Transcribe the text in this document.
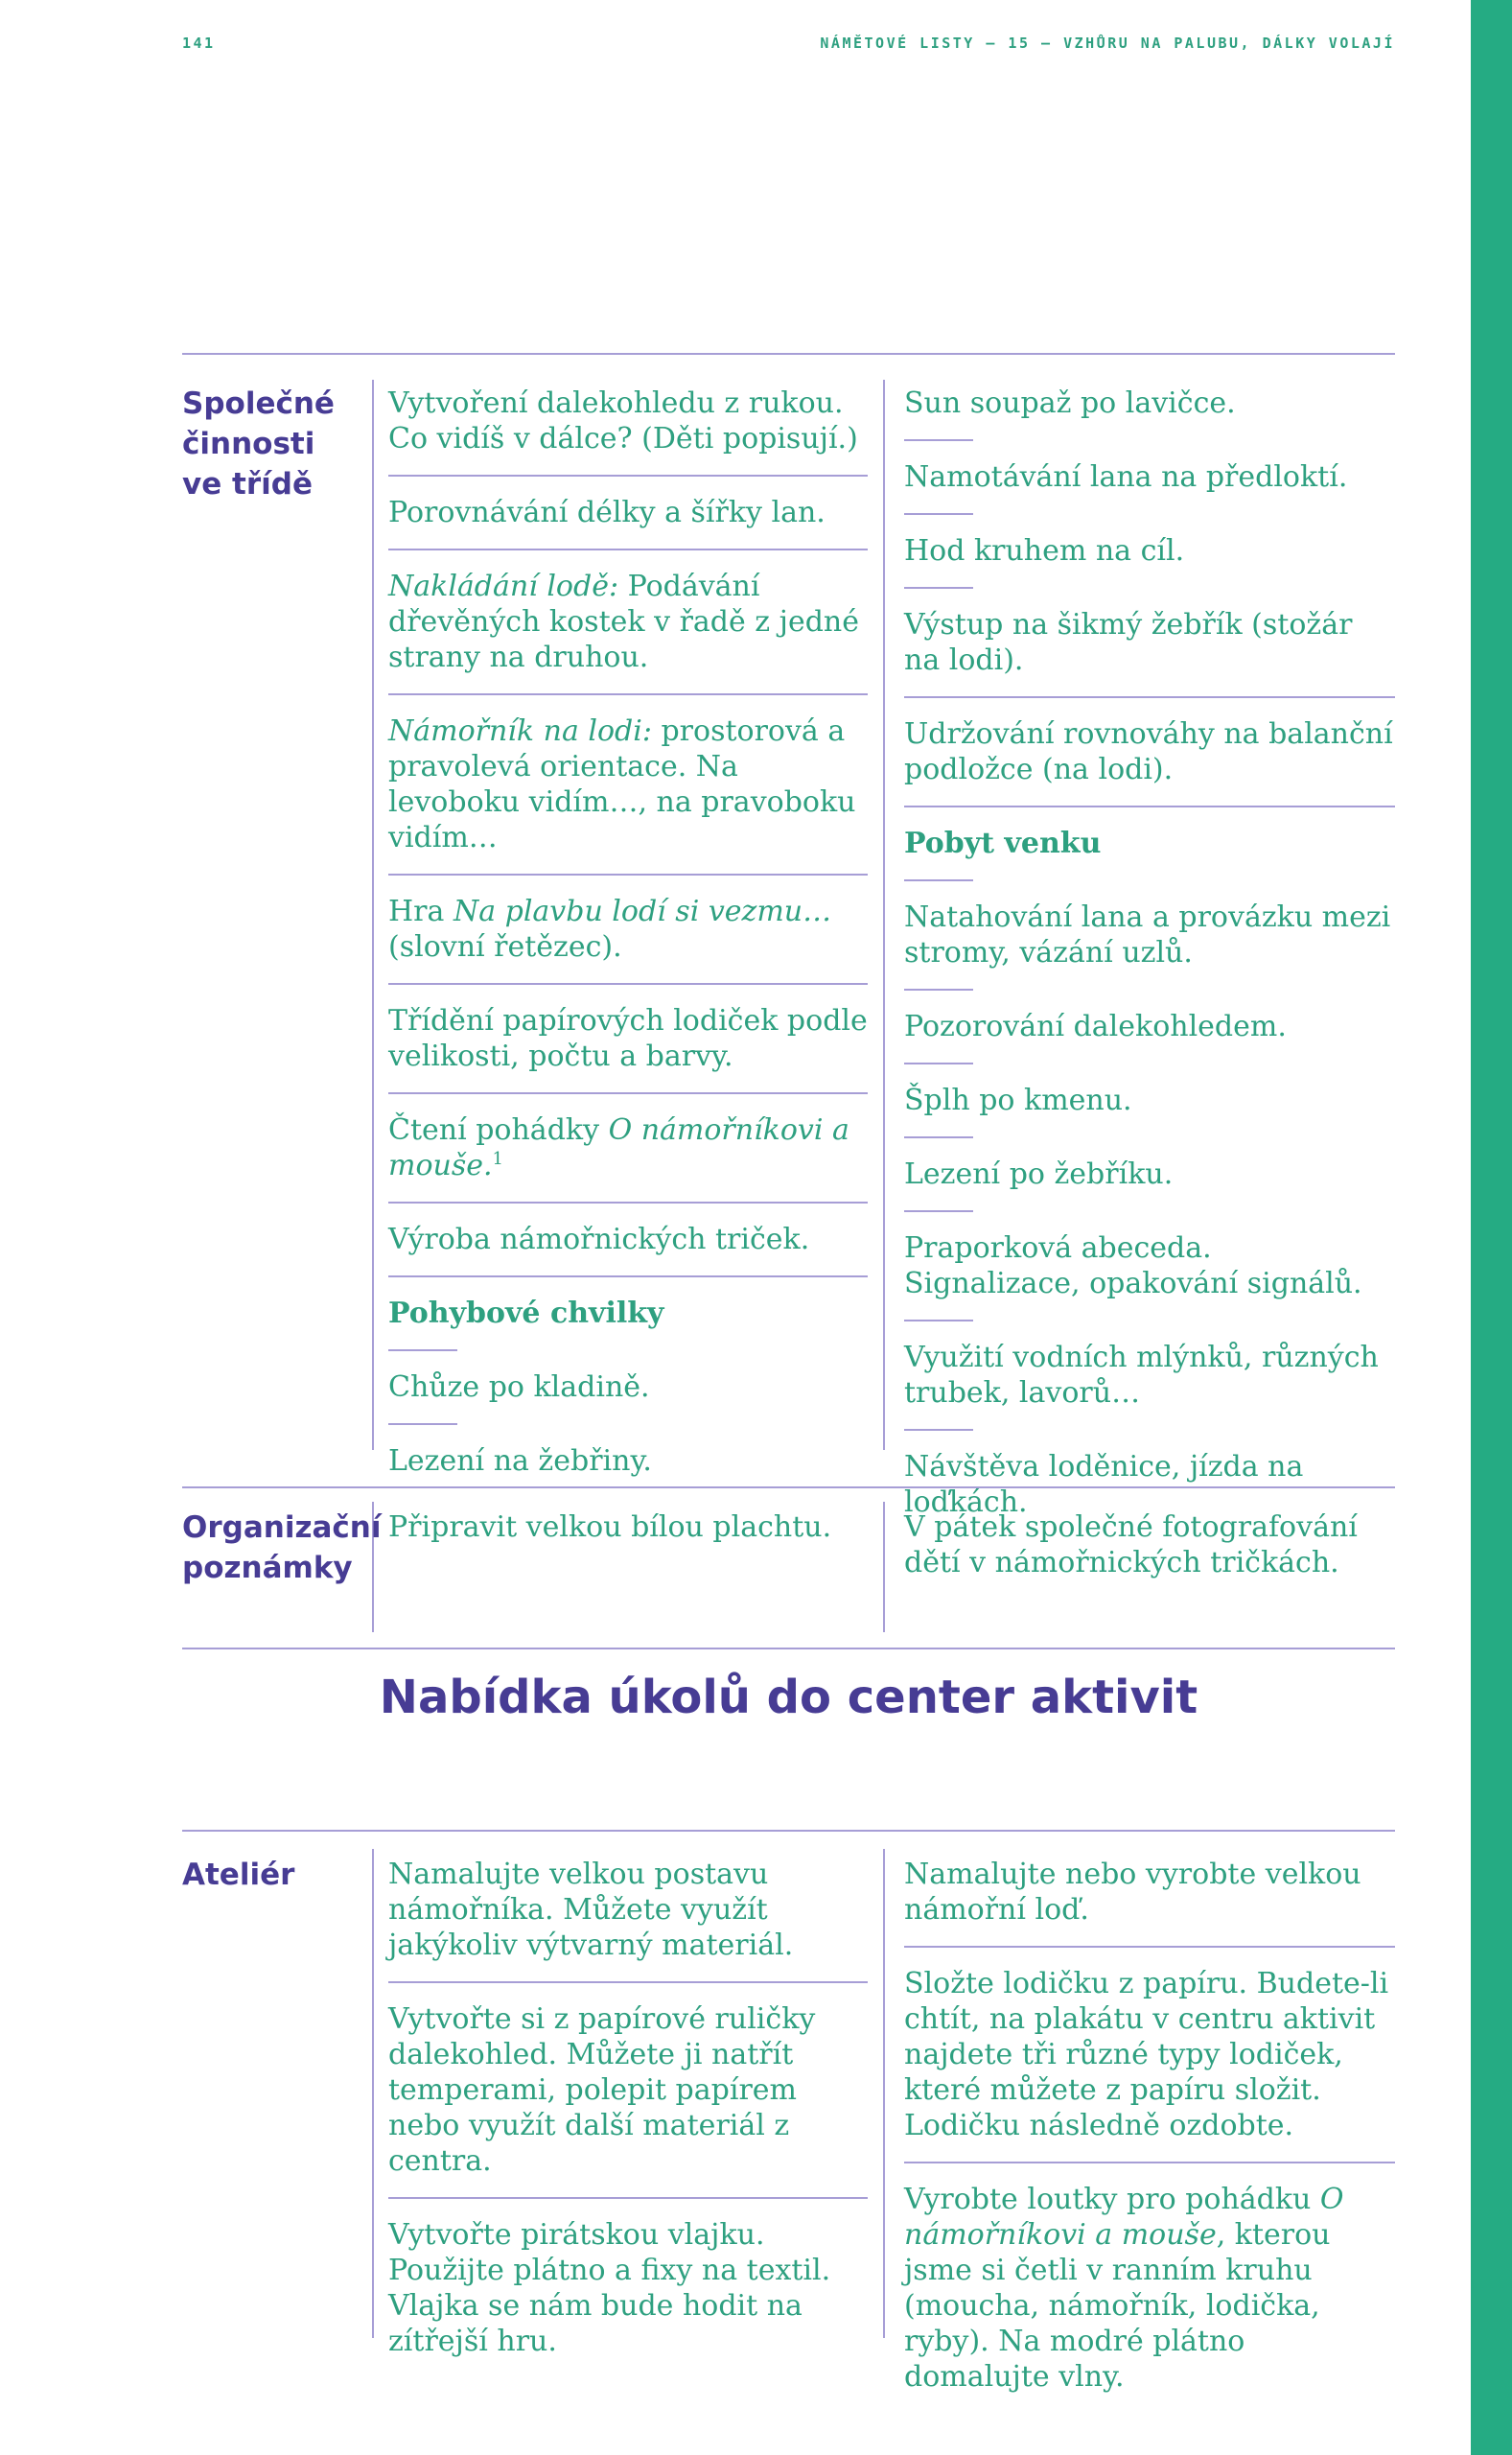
141	NÁMĚTOVÉ LISTY – 15 – VZHŮRU NA PALUBU, DÁLKY VOLAJÍ
Společné
činnosti
ve třídě
Organizační
poznámky
Ateliér

Vytvoření dalekohledu z rukou. Co vidíš v dálce? (Děti popisují.)

Porovnávání délky a šířky lan.

Nakládání lodě: Podávání dřevěných kostek v řadě z jedné strany na druhou.

Námořník na lodi: prostorová a pravolevá orientace. Na levoboku vidím…, na pravoboku vidím…

Hra Na plavbu lodí si vezmu… (slovní řetězec).

Třídění papírových lodiček podle velikosti, počtu a barvy.

Čtení pohádky O námořníkovi a mouše.$^1$

Výroba námořnických triček.

Pohybové chvilky

Chůze po kladině.

Lezení na žebřiny.

Sun soupaž po lavičce.

Namotávání lana na předloktí.

Hod kruhem na cíl.

Výstup na šikmý žebřík (stožár na lodi).

Udržování rovnováhy na balanční podložce (na lodi).

Pobyt venku

Natahování lana a provázku mezi stromy, vázání uzlů.

Pozorování dalekohledem.

Šplh po kmenu.

Lezení po žebříku.

Praporková abeceda. Signalizace, opakování signálů.

Využití vodních mlýnků, různých trubek, lavorů…

Návštěva loděnice, jízda na loďkách.

Připravit velkou bílou plachtu.	V pátek společné fotografování dětí v námořnických tričkách.

Namalujte velkou postavu námořníka. Můžete využít jakýkoliv výtvarný materiál.

Vytvořte si z papírové ruličky dalekohled. Můžete ji natřít temperami, polepit papírem nebo využít další materiál z centra.

Vytvořte pirátskou vlajku. Použijte plátno a fixy na textil. Vlajka se nám bude hodit na zítřejší hru.

Namalujte nebo vyrobte velkou námořní loď.

Složte lodičku z papíru. Budete-li chtít, na plakátu v centru aktivit najdete tři různé typy lodiček, které můžete z papíru složit. Lodičku následně ozdobte.

Vyrobte loutky pro pohádku O námořníkovi a mouše, kterou jsme si četli v ranním kruhu (moucha, námořník, lodička, ryby). Na modré plátno domalujte vlny.

Nabídka úkolů do center aktivit
